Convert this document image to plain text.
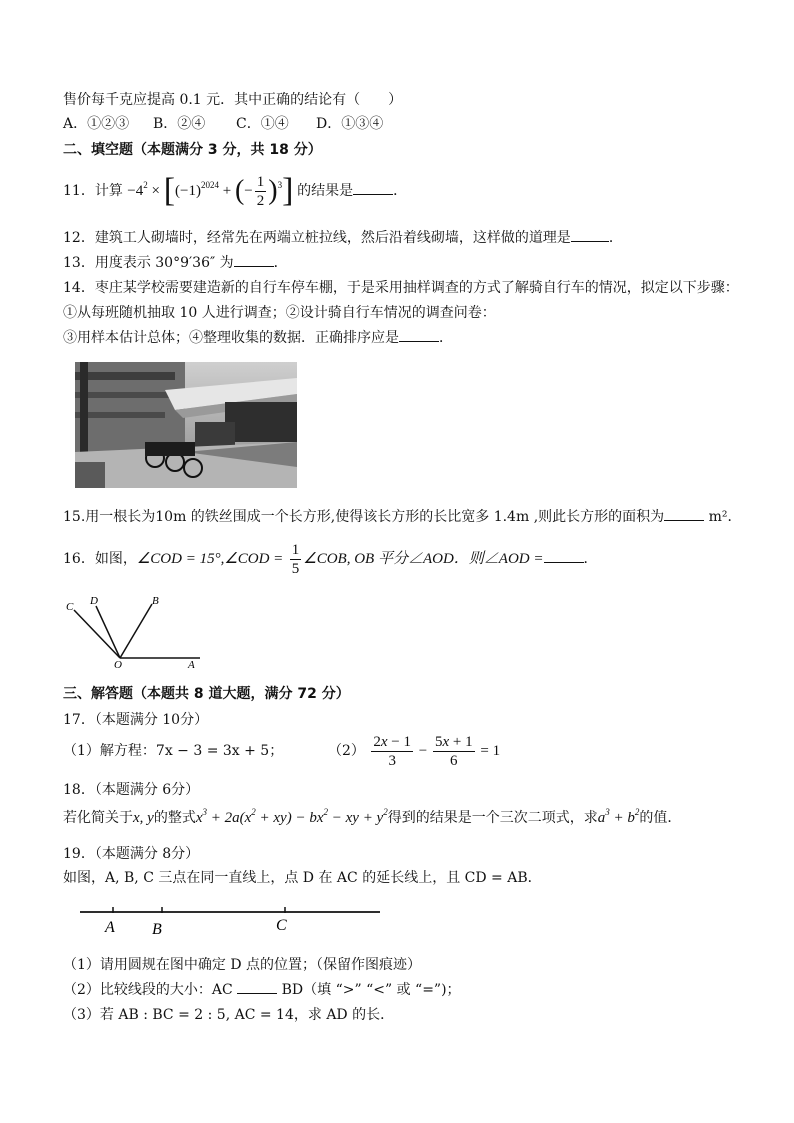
售价每千克应提高 0.1 元．其中正确的结论有（　　）
A．①②③ B．②④ C．①④ D．①③④
二、填空题（本题满分 3 分，共 18 分）
11．计算 $-4^2 \times [(-1)^{2024}$ + (− $\frac{1}{2} )^3$] 的结果是	．
12．建筑工人砌墙时，经常先在两端立桩拉线，然后沿着线砌墙，这样做的道理是	．
13．用度表示 30°9′36″ 为	．
14．枣庄某学校需要建造新的自行车停车棚，于是采用抽样调查的方式了解骑自行车的情况，拟定以下步骤：
①从每班随机抽取 10 人进行调查；②设计骑自行车情况的调查问卷：
③用样本估计总体；④整理收集的数据．正确排序应是	．
15.用一根长为10m 的铁丝围成一个长方形,使得该长方形的长比宽多 1.4m ,则此长方形的面积为	m²．
16．如图，∠COD = 15°,∠COD = $\frac{1}{5}$ ∠COB, OB 平分∠AOD．则∠AOD =	．
C D	B
O	A
三、解答题（本题共 8 道大题，满分 72 分）
17．（本题满分 10分）
（1）解方程：7x − 3 = 3x + 5；	$(2) \frac{2x - 1}{3} - \frac{5x + 1}{6} = 1$
18．（本题满分 6分）
若化简关于x, y的整式$x^3 + 2a(x^2 + xy) - bx^2$ − xy + $y^2$得到的结果是一个三次二项式，求$a^3 + b^2$的值．
19．（本题满分 8分）
如图，A, B, C 三点在同一直线上，点 D 在 AC 的延长线上，且 CD = AB．
A B	C
（1）请用圆规在图中确定 D 点的位置；（保留作图痕迹）
（2）比较线段的大小：AC	BD（填 “>” “<” 或 “=”)；
（3）若 AB : BC = 2 : 5, AC = 14，求 AD 的长．
